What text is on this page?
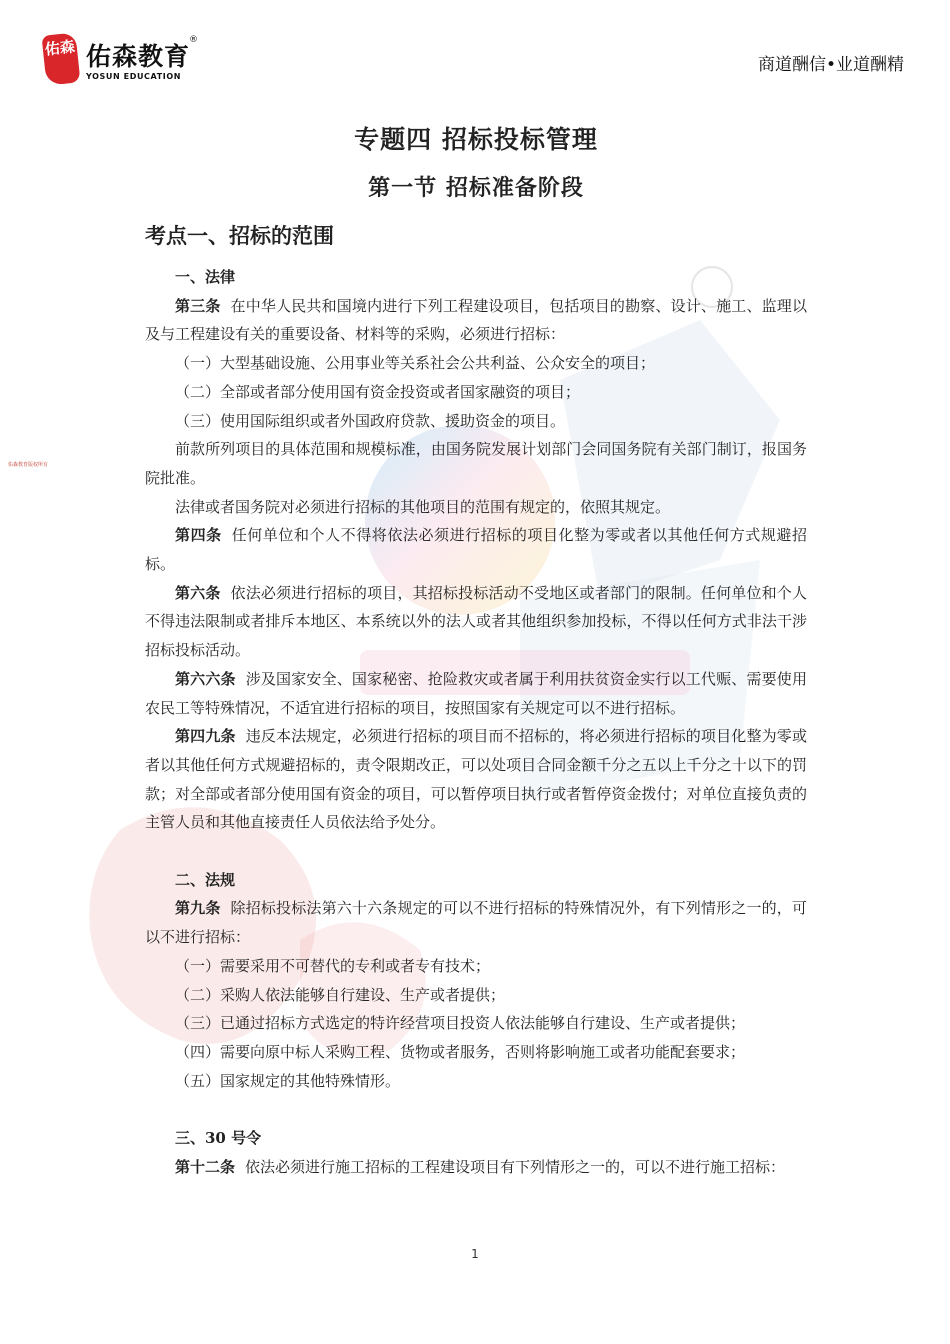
佑森 佑森教育
®
YOSUN EDUCATION
商道酬信•业道酬精
佑森教育版权所有
专题四 招标投标管理
第一节 招标准备阶段
考点一、招标的范围

一、法律

第三条 在中华人民共和国境内进行下列工程建设项目，包括项目的勘察、设计、施工、监理以及与工程建设有关的重要设备、材料等的采购，必须进行招标：

（一）大型基础设施、公用事业等关系社会公共利益、公众安全的项目；

（二）全部或者部分使用国有资金投资或者国家融资的项目；

（三）使用国际组织或者外国政府贷款、援助资金的项目。

前款所列项目的具体范围和规模标准，由国务院发展计划部门会同国务院有关部门制订，报国务院批准。

法律或者国务院对必须进行招标的其他项目的范围有规定的，依照其规定。

第四条 任何单位和个人不得将依法必须进行招标的项目化整为零或者以其他任何方式规避招标。

第六条 依法必须进行招标的项目，其招标投标活动不受地区或者部门的限制。任何单位和个人不得违法限制或者排斥本地区、本系统以外的法人或者其他组织参加投标，不得以任何方式非法干涉招标投标活动。

第六六条 涉及国家安全、国家秘密、抢险救灾或者属于利用扶贫资金实行以工代赈、需要使用农民工等特殊情况，不适宜进行招标的项目，按照国家有关规定可以不进行招标。

第四九条 违反本法规定，必须进行招标的项目而不招标的，将必须进行招标的项目化整为零或者以其他任何方式规避招标的，责令限期改正，可以处项目合同金额千分之五以上千分之十以下的罚款；对全部或者部分使用国有资金的项目，可以暂停项目执行或者暂停资金拨付；对单位直接负责的主管人员和其他直接责任人员依法给予处分。

二、法规

第九条 除招标投标法第六十六条规定的可以不进行招标的特殊情况外，有下列情形之一的，可以不进行招标：

（一）需要采用不可替代的专利或者专有技术；

（二）采购人依法能够自行建设、生产或者提供；

（三）已通过招标方式选定的特许经营项目投资人依法能够自行建设、生产或者提供；

（四）需要向原中标人采购工程、货物或者服务，否则将影响施工或者功能配套要求；

（五）国家规定的其他特殊情形。

三、30 号令

第十二条 依法必须进行施工招标的工程建设项目有下列情形之一的，可以不进行施工招标：

1
